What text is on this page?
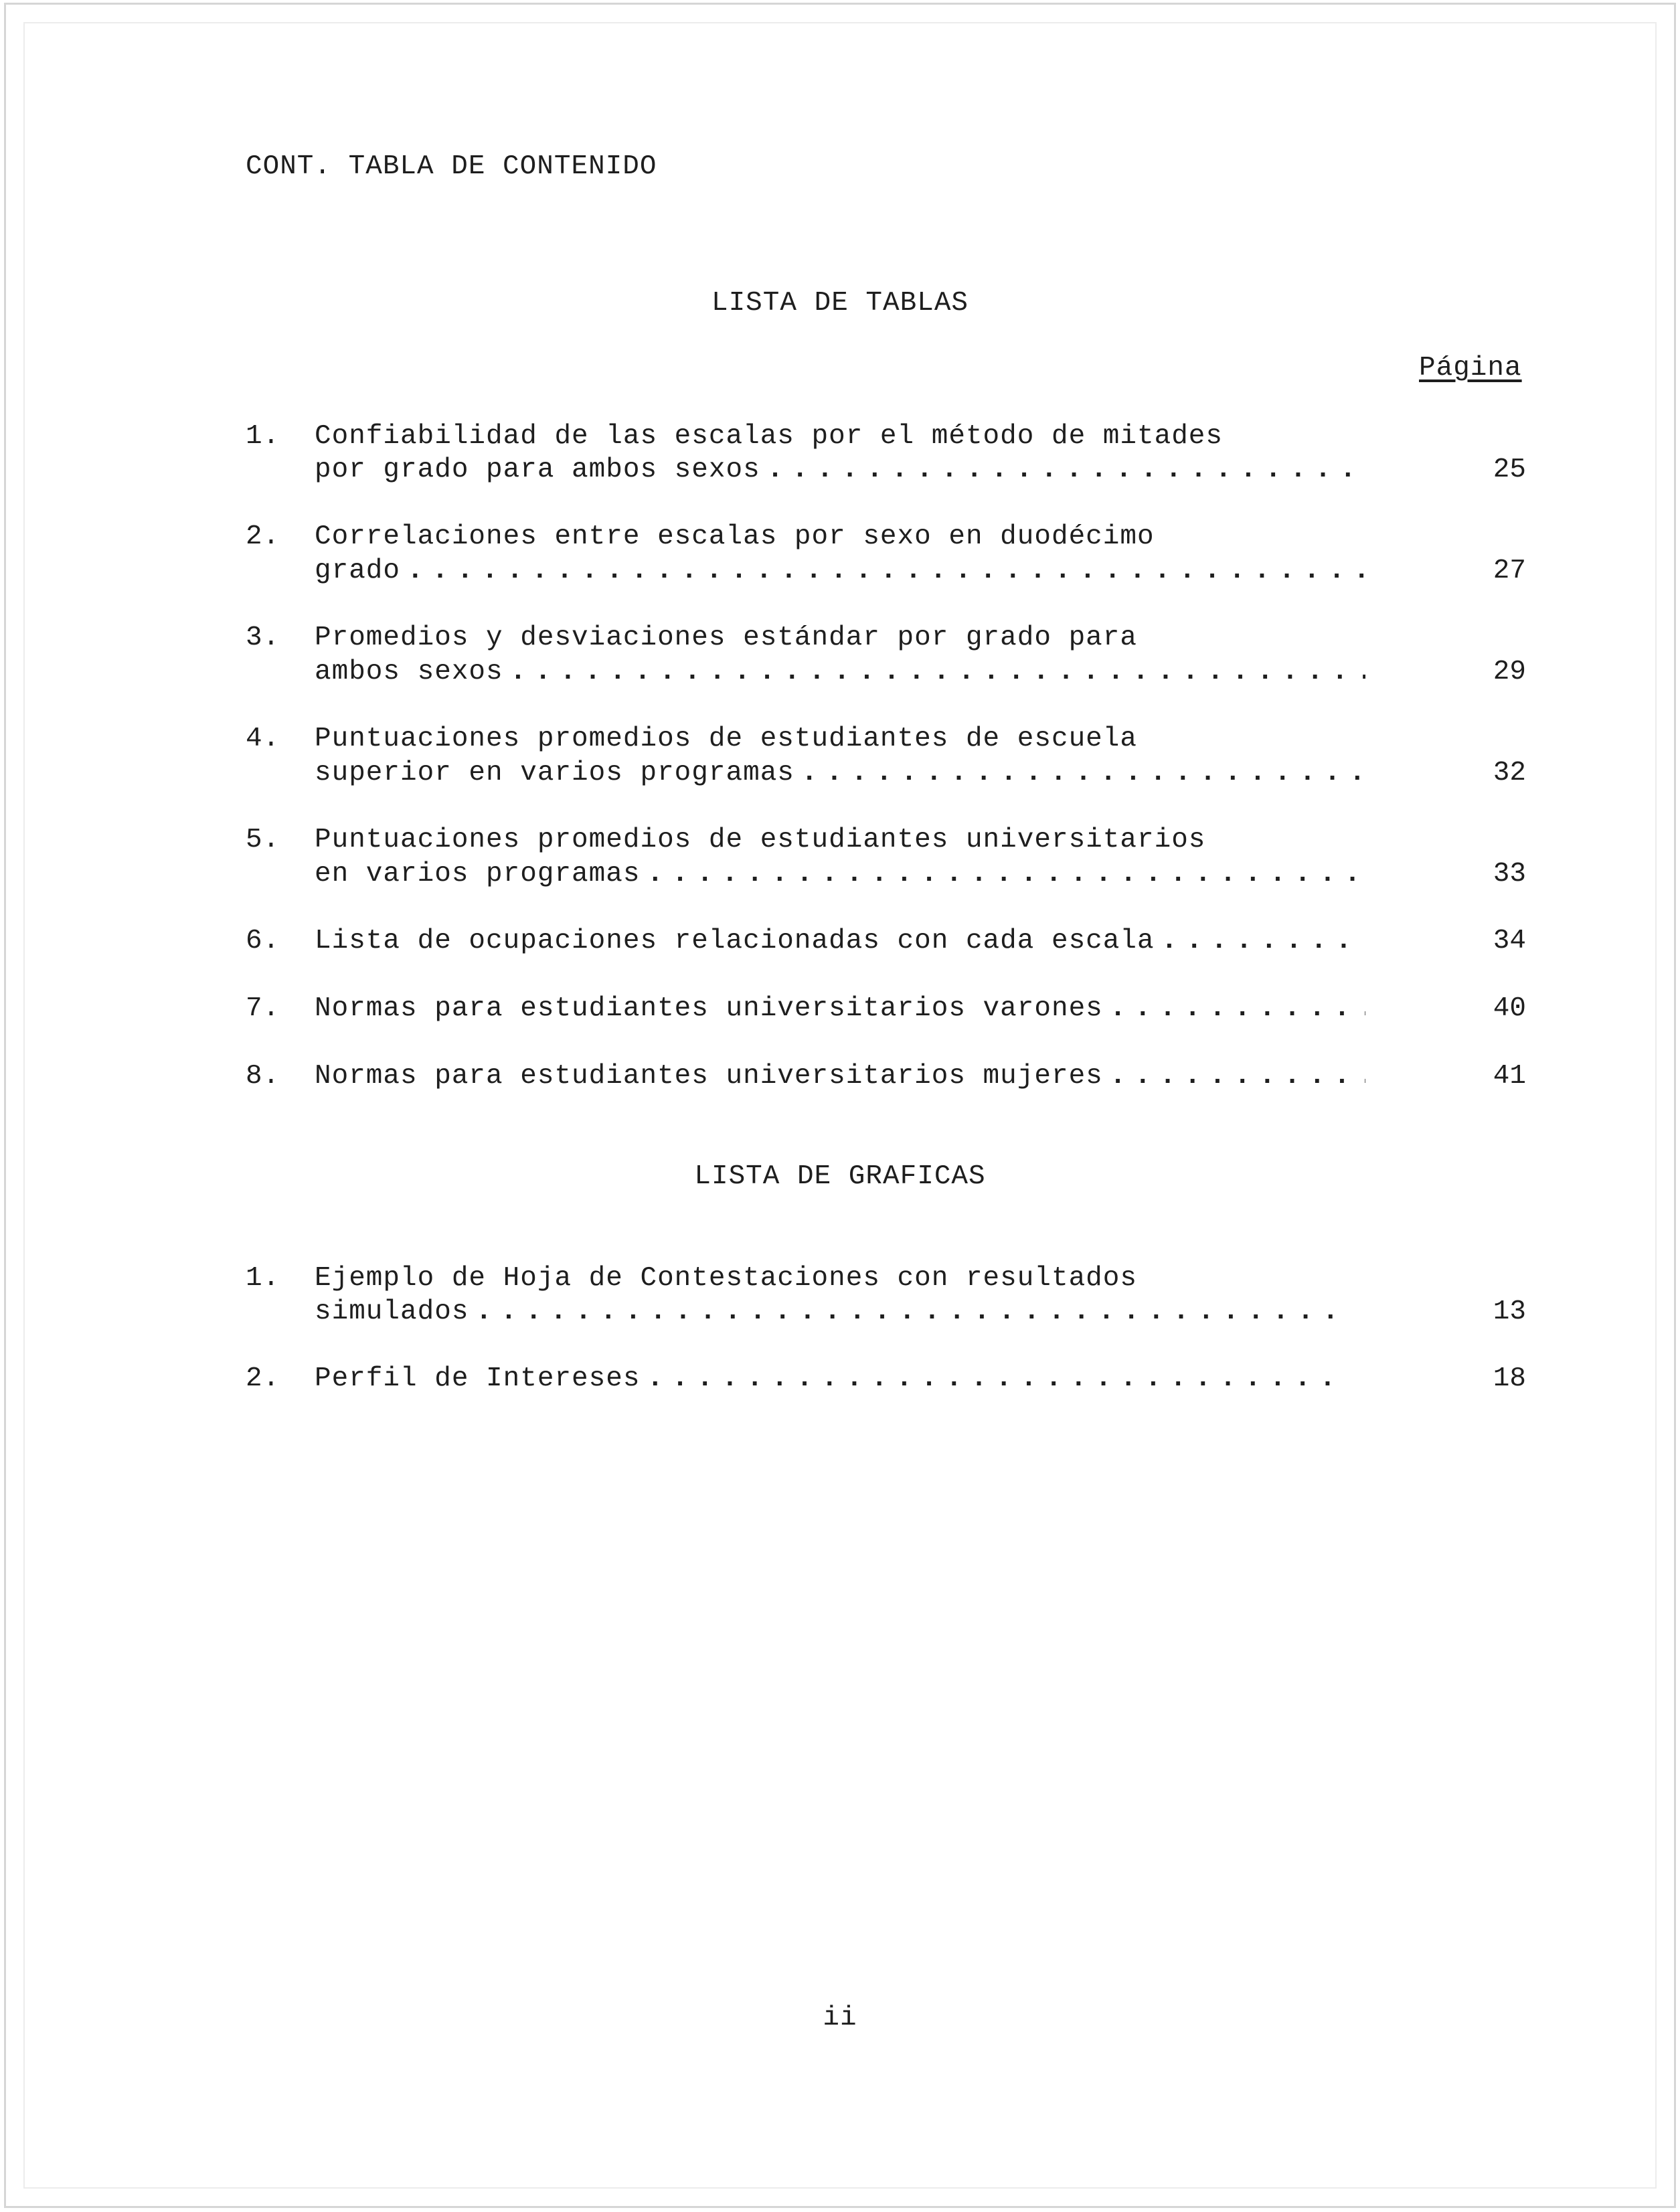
CONT. TABLA DE CONTENIDO
LISTA DE TABLAS
Página
1.	Confiabilidad de las escalas por el método de mitades
por grado para ambos sexos . . .	25
2.	Correlaciones entre escalas por sexo en duodécimo
grado . . .	27
3.	Promedios y desviaciones estándar por grado para
ambos sexos . . .	29
4.	Puntuaciones promedios de estudiantes de escuela
superior en varios programas . . .	32
5.	Puntuaciones promedios de estudiantes universitarios
en varios programas . . .	33
6.	Lista de ocupaciones relacionadas con cada escala . . .	34
7.	Normas para estudiantes universitarios varones . . .	40
8.	Normas para estudiantes universitarios mujeres . . .	41
LISTA DE GRAFICAS
1.	Ejemplo de Hoja de Contestaciones con resultados
simulados . . .	13
2.	Perfil de Intereses . . .	18
ii
